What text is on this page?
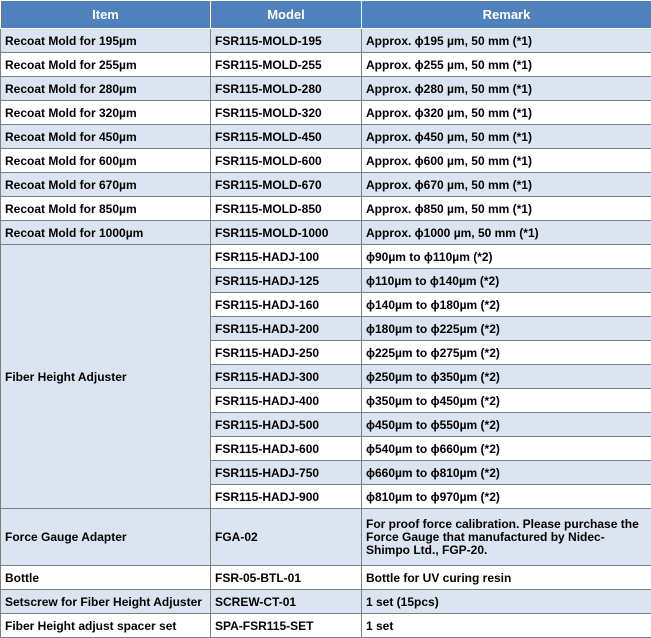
Item	Model	Remark
Recoat Mold for 195µm	FSR115-MOLD-195	Approx. ϕ195 µm, 50 mm (*1)
Recoat Mold for 255µm	FSR115-MOLD-255	Approx. ϕ255 µm, 50 mm (*1)
Recoat Mold for 280µm	FSR115-MOLD-280	Approx. ϕ280 µm, 50 mm (*1)
Recoat Mold for 320µm	FSR115-MOLD-320	Approx. ϕ320 µm, 50 mm (*1)
Recoat Mold for 450µm	FSR115-MOLD-450	Approx. ϕ450 µm, 50 mm (*1)
Recoat Mold for 600µm	FSR115-MOLD-600	Approx. ϕ600 µm, 50 mm (*1)
Recoat Mold for 670µm	FSR115-MOLD-670	Approx. ϕ670 µm, 50 mm (*1)
Recoat Mold for 850µm	FSR115-MOLD-850	Approx. ϕ850 µm, 50 mm (*1)
Recoat Mold for 1000µm	FSR115-MOLD-1000	Approx. ϕ1000 µm, 50 mm (*1)
Fiber Height Adjuster	FSR115-HADJ-100	ϕ90µm to ϕ110µm (*2)
	FSR115-HADJ-125	ϕ110µm to ϕ140µm (*2)
	FSR115-HADJ-160	ϕ140µm to ϕ180µm (*2)
	FSR115-HADJ-200	ϕ180µm to ϕ225µm (*2)
	FSR115-HADJ-250	ϕ225µm to ϕ275µm (*2)
	FSR115-HADJ-300	ϕ250µm to ϕ350µm (*2)
	FSR115-HADJ-400	ϕ350µm to ϕ450µm (*2)
	FSR115-HADJ-500	ϕ450µm to ϕ550µm (*2)
	FSR115-HADJ-600	ϕ540µm to ϕ660µm (*2)
	FSR115-HADJ-750	ϕ660µm to ϕ810µm (*2)
	FSR115-HADJ-900	ϕ810µm to ϕ970µm (*2)
Force Gauge Adapter	FGA-02	For proof force calibration. Please purchase the Force Gauge that manufactured by Nidec-Shimpo Ltd., FGP-20.
Bottle	FSR-05-BTL-01	Bottle for UV curing resin
Setscrew for Fiber Height Adjuster	SCREW-CT-01	1 set (15pcs)
Fiber Height adjust spacer set	SPA-FSR115-SET	1 set
